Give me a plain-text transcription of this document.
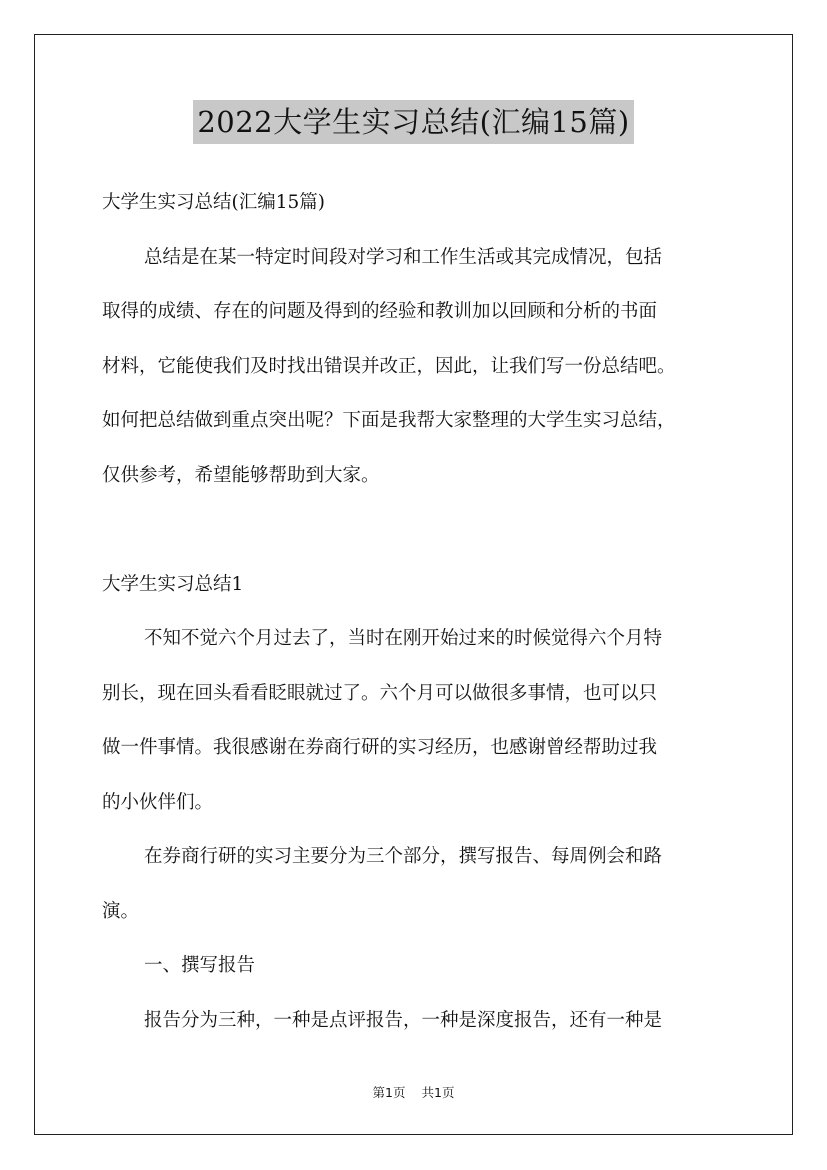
2022大学生实习总结(汇编15篇)
大学生实习总结(汇编15篇)
总结是在某一特定时间段对学习和工作生活或其完成情况，包括
取得的成绩、存在的问题及得到的经验和教训加以回顾和分析的书面
材料，它能使我们及时找出错误并改正，因此，让我们写一份总结吧。
如何把总结做到重点突出呢？下面是我帮大家整理的大学生实习总结，
仅供参考，希望能够帮助到大家。
大学生实习总结1
不知不觉六个月过去了，当时在刚开始过来的时候觉得六个月特
别长，现在回头看看眨眼就过了。六个月可以做很多事情，也可以只
做一件事情。我很感谢在券商行研的实习经历，也感谢曾经帮助过我
的小伙伴们。
在券商行研的实习主要分为三个部分，撰写报告、每周例会和路
演。
一、撰写报告
报告分为三种，一种是点评报告，一种是深度报告，还有一种是
第1页 共1页
